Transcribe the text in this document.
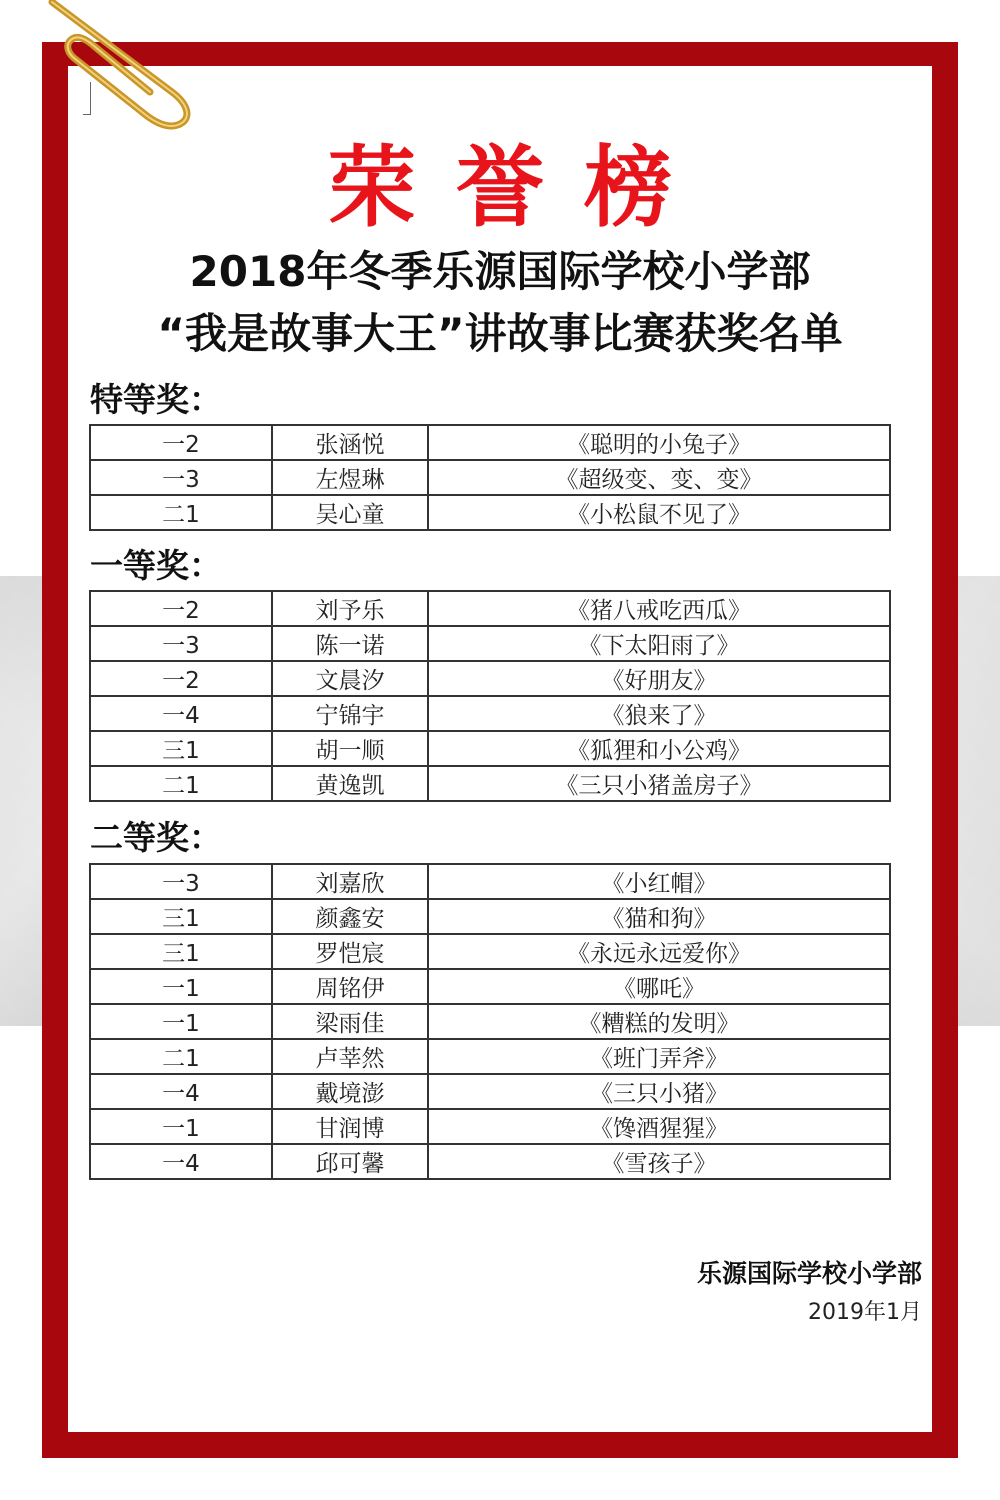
荣誉榜
2018年冬季乐源国际学校小学部
“我是故事大王”讲故事比赛获奖名单
特等奖：
一2	张涵悦	《聪明的小兔子》
一3	左煜琳	《超级变、变、变》
二1	吴心童	《小松鼠不见了》
一等奖：
一2	刘予乐	《猪八戒吃西瓜》
一3	陈一诺	《下太阳雨了》
一2	文晨汐	《好朋友》
一4	宁锦宇	《狼来了》
三1	胡一顺	《狐狸和小公鸡》
二1	黄逸凯	《三只小猪盖房子》
二等奖：
一3	刘嘉欣	《小红帽》
三1	颜鑫安	《猫和狗》
三1	罗恺宸	《永远永远爱你》
一1	周铭伊	《哪吒》
一1	梁雨佳	《糟糕的发明》
二1	卢莘然	《班门弄斧》
一4	戴境澎	《三只小猪》
一1	甘润博	《馋酒猩猩》
一4	邱可馨	《雪孩子》

乐源国际学校小学部

2019年1月
